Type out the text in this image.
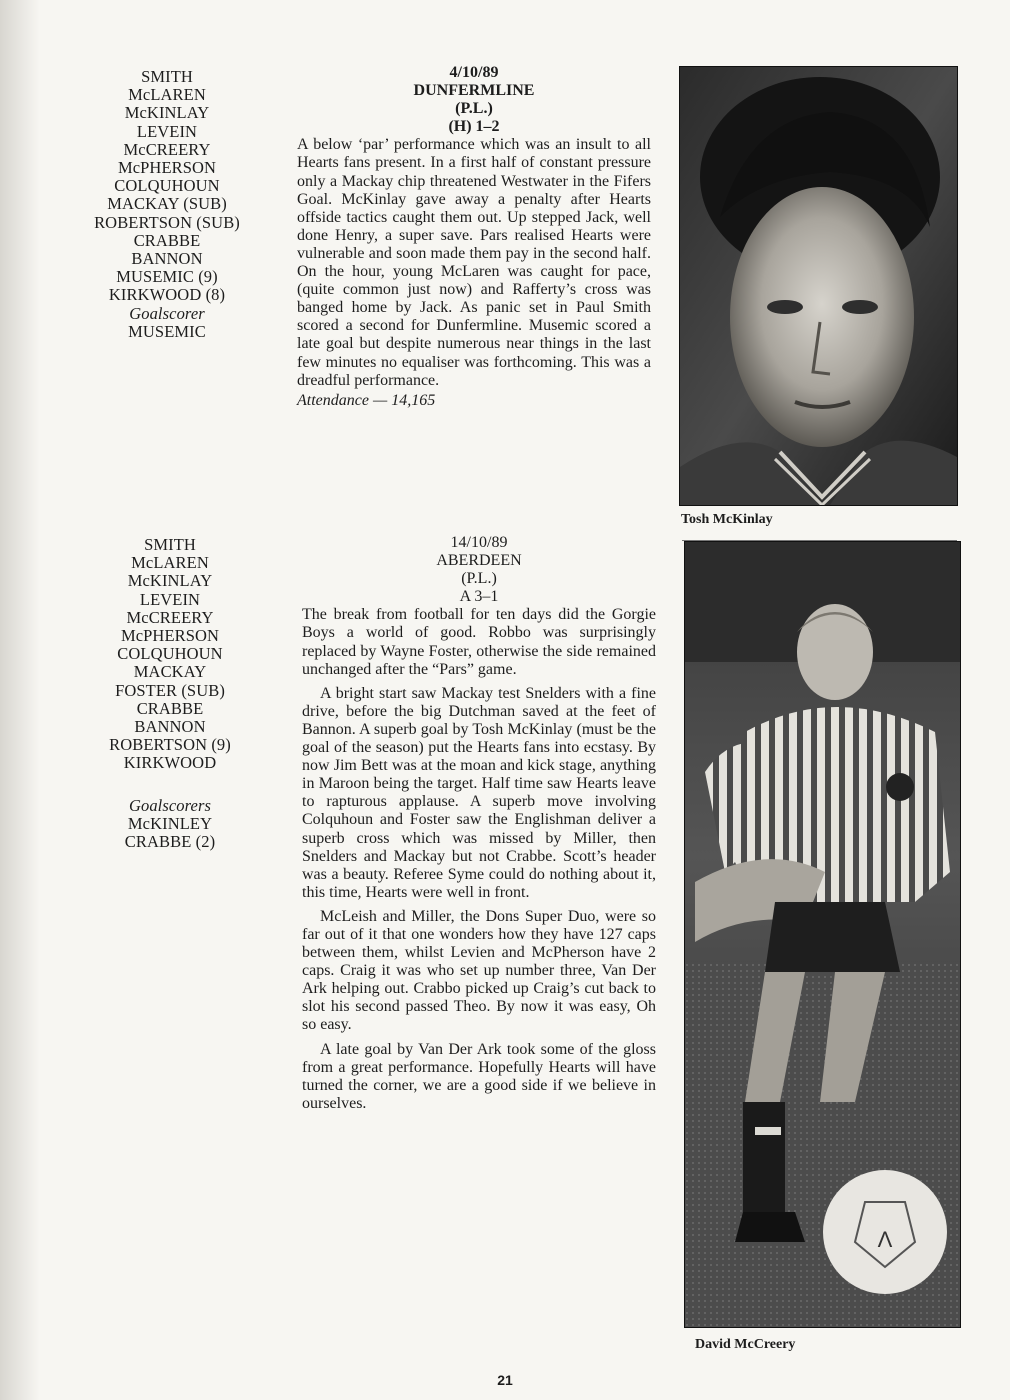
SMITH
McLAREN
McKINLAY
LEVEIN
McCREERY
McPHERSON
COLQUHOUN
MACKAY (SUB)
ROBERTSON (SUB)
CRABBE
BANNON
MUSEMIC (9)
KIRKWOOD (8)
Goalscorer
MUSEMIC
4/10/89
DUNFERMLINE
(P.L.)
(H) 1–2

A below ‘par’ performance which was an insult to all Hearts fans present. In a first half of constant pressure only a Mackay chip threatened Westwater in the Fifers Goal. McKinlay gave away a penalty after Hearts offside tactics caught them out. Up stepped Jack, well done Henry, a super save. Pars realised Hearts were vulnerable and soon made them pay in the second half. On the hour, young McLaren was caught for pace, (quite common just now) and Rafferty’s cross was banged home by Jack. As panic set in Paul Smith scored a second for Dunfermline. Musemic scored a late goal but despite numerous near things in the last few minutes no equaliser was forthcoming. This was a dreadful performance.

Attendance — 14,165
Tosh McKinlay
SMITH
McLAREN
McKINLAY
LEVEIN
McCREERY
McPHERSON
COLQUHOUN
MACKAY
FOSTER (SUB)
CRABBE
BANNON
ROBERTSON (9)
KIRKWOOD
Goalscorers
McKINLEY
CRABBE (2)
14/10/89
ABERDEEN
(P.L.)
A 3–1

The break from football for ten days did the Gorgie Boys a world of good. Robbo was surprisingly replaced by Wayne Foster, otherwise the side remained unchanged after the “Pars” game.

A bright start saw Mackay test Snelders with a fine drive, before the big Dutchman saved at the feet of Bannon. A superb goal by Tosh McKinlay (must be the goal of the season) put the Hearts fans into ecstasy. By now Jim Bett was at the moan and kick stage, anything in Maroon being the target. Half time saw Hearts leave to rapturous applause. A superb move involving Colquhoun and Foster saw the Englishman deliver a superb cross which was missed by Miller, then Snelders and Mackay but not Crabbe. Scott’s header was a beauty. Referee Syme could do nothing about it, this time, Hearts were well in front.

McLeish and Miller, the Dons Super Duo, were so far out of it that one wonders how they have 127 caps between them, whilst Levien and McPherson have 2 caps. Craig it was who set up number three, Van Der Ark helping out. Crabbo picked up Craig’s cut back to slot his second passed Theo. By now it was easy, Oh so easy.

A late goal by Van Der Ark took some of the gloss from a great performance. Hopefully Hearts will have turned the corner, we are a good side if we believe in ourselves.

Λ
David McCreery
21
